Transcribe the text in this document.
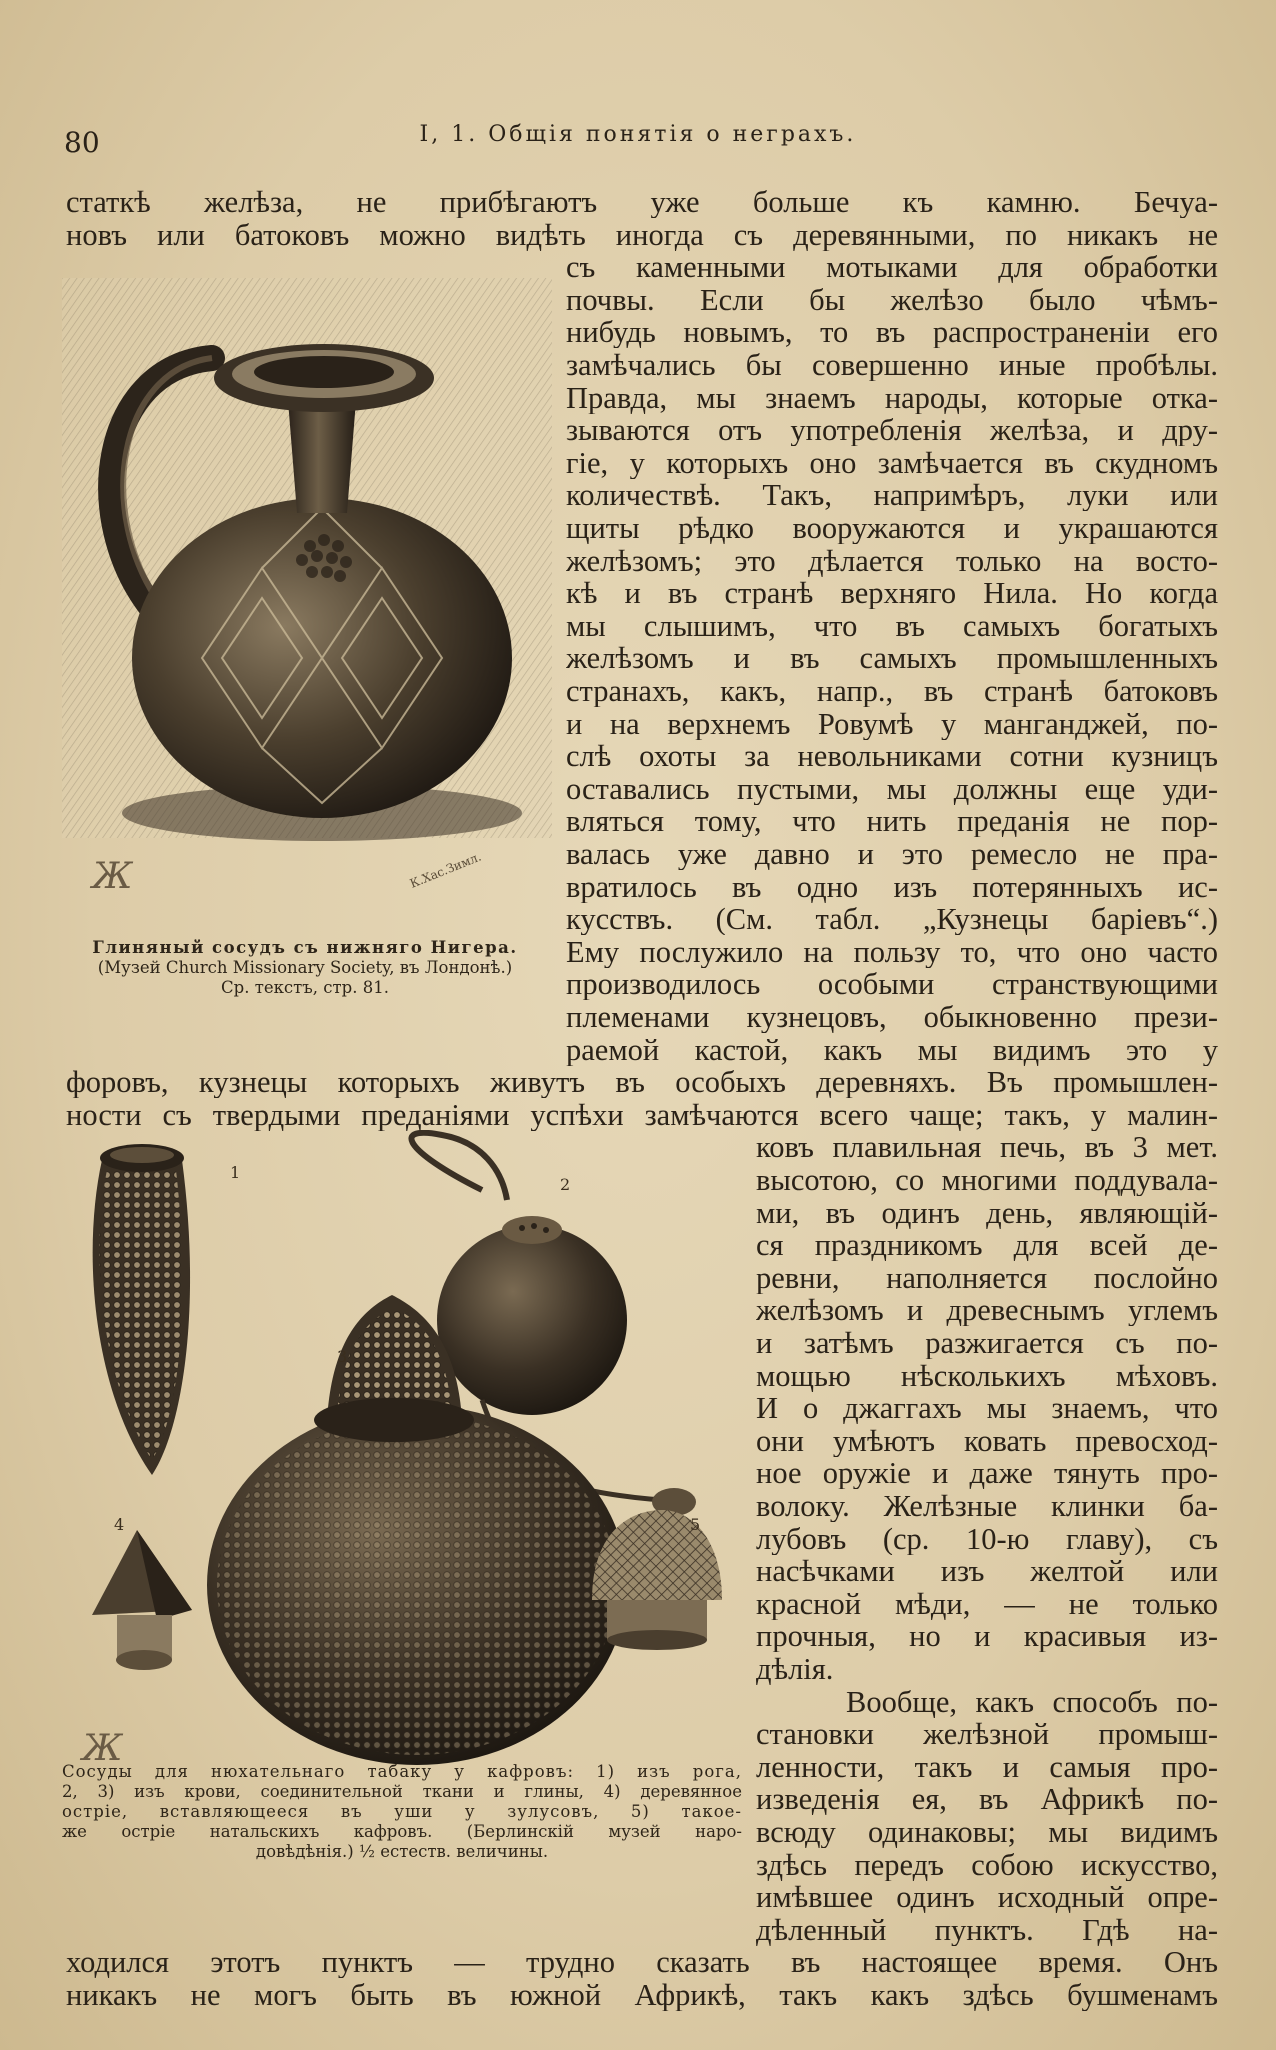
80	I, 1. Общія понятія о неграхъ.
статкѣ желѣза, не прибѣгаютъ уже больше къ камню. Бечуа-
новъ или батоковъ можно видѣть иногда съ деревянными, по никакъ не
съ каменными мотыками для обработки
почвы. Если бы желѣзо было чѣмъ-
нибудь новымъ, то въ распространеніи его
замѣчались бы совершенно иные пробѣлы.
Правда, мы знаемъ народы, которые отка-
зываются отъ употребленія желѣза, и дру-
гіе, у которыхъ оно замѣчается въ скудномъ
количествѣ. Такъ, напримѣръ, луки или
щиты рѣдко вооружаются и украшаются
желѣзомъ; это дѣлается только на восто-
кѣ и въ странѣ верхняго Нила. Но когда
мы слышимъ, что въ самыхъ богатыхъ
желѣзомъ и въ самыхъ промышленныхъ
странахъ, какъ, напр., въ странѣ батоковъ
и на верхнемъ Ровумѣ у манганджей, по-
слѣ охоты за невольниками сотни кузницъ
оставались пустыми, мы должны еще уди-
вляться тому, что нить преданія не пор-
валась уже давно и это ремесло не пра-
вратилось въ одно изъ потерянныхъ ис-
кусствъ. (См. табл. „Кузнецы баріевъ“.)
Ему послужило на пользу то, что оно часто
производилось особыми странствующими
племенами кузнецовъ, обыкновенно прези-
раемой кастой, какъ мы видимъ это у
форовъ, кузнецы которыхъ живутъ въ особыхъ деревняхъ. Въ промышлен-
ности съ твердыми преданіями успѣхи замѣчаются всего чаще; такъ, у малин-
ковъ плавильная печь, въ 3 мет.
высотою, со многими поддувала-
ми, въ одинъ день, являющій-
ся праздникомъ для всей де-
ревни, наполняется послойно
желѣзомъ и древеснымъ углемъ
и затѣмъ разжигается съ по-
мощью нѣсколькихъ мѣховъ.
И о джаггахъ мы знаемъ, что
они умѣютъ ковать превосход-
ное оружіе и даже тянуть про-
волоку. Желѣзные клинки ба-
лубовъ (ср. 10-ю главу), съ
насѣчками изъ желтой или
красной мѣди, — не только
прочныя, но и красивыя из-
дѣлія.
Вообще, какъ способъ по-
становки желѣзной промыш-
ленности, такъ и самыя про-
изведенія ея, въ Африкѣ по-
всюду одинаковы; мы видимъ
здѣсь передъ собою искусство,
имѣвшее одинъ исходный опре-
дѣленный пунктъ. Гдѣ на-
ходился этотъ пунктъ — трудно сказать въ настоящее время. Онъ
никакъ не могъ быть въ южной Африкѣ, такъ какъ здѣсь бушменамъ
Ж	К.Хас.Зимл.
Глиняный сосудъ съ нижняго Нигера.
(Музей Church Missionary Society, въ Лондонѣ.)
Ср. текстъ, стр. 81.
1
2
3
4	5
Ж
Сосуды для нюхательнаго табаку у кафровъ: 1) изъ рога,
2, 3) изъ крови, соединительной ткани и глины, 4) деревянное
остріе, вставляющееся въ уши у зулусовъ, 5) такое-
же остріе натальскихъ кафровъ. (Берлинскій музей наро-
довѣдѣнія.) ½ естеств. величины.
